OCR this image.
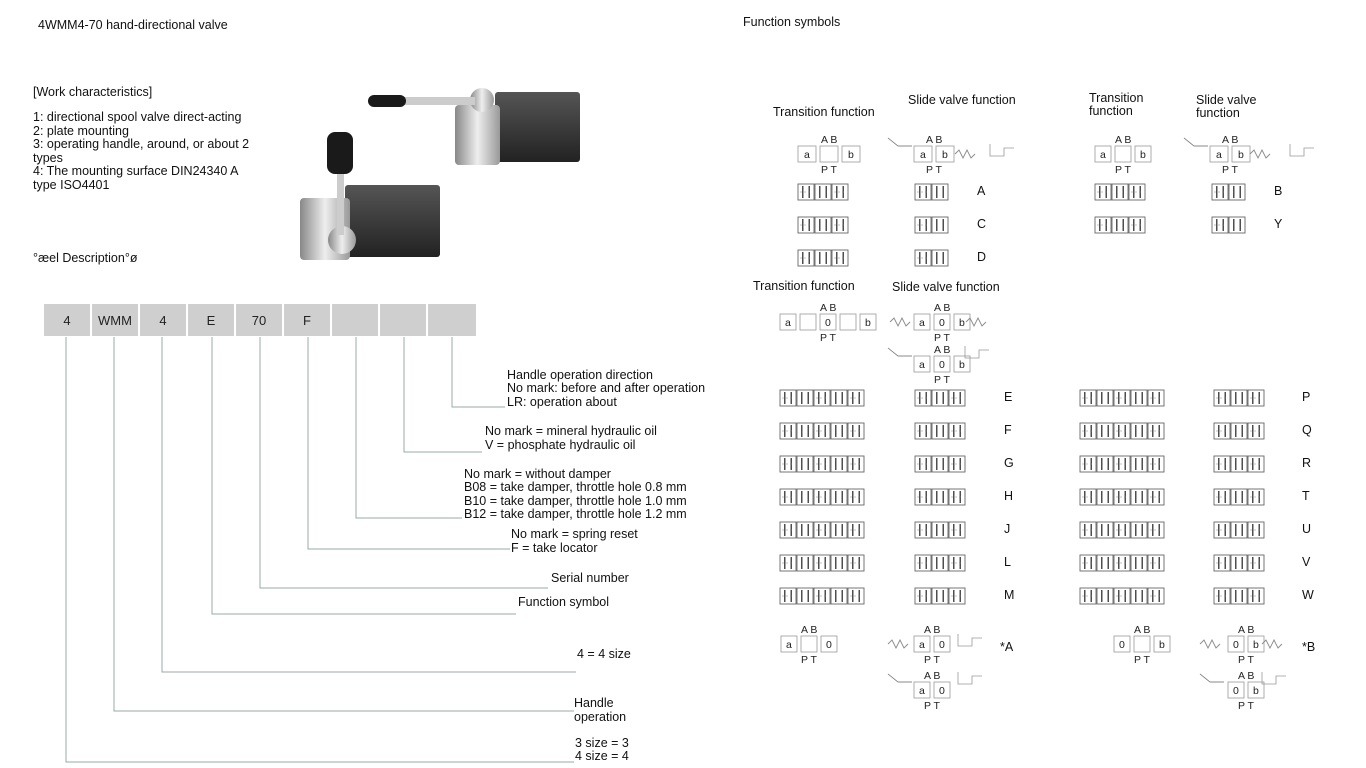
4WMM4-70 hand-directional valve	Function symbols
[Work characteristics]
1: directional spool valve direct-acting
2: plate mounting
3: operating handle, around, or about 2
types
4: The mounting surface DIN24340 A
type ISO4401
°æel Description°ø
4	WMM	4	E	70	F
Handle operation direction
No mark: before and after operation
LR: operation about
No mark = mineral hydraulic oil
V = phosphate hydraulic oil
No mark = without damper
B08 = take damper, throttle hole 0.8 mm
B10 = take damper, throttle hole 1.0 mm
B12 = take damper, throttle hole 1.2 mm
No mark = spring reset
F = take locator
Serial number
Function symbol
4 = 4 size
Handle
operation
3 size = 3
4 size = 4
Transition function
Slide valve function	Transition
function
Slide valve
function
Transition function	Slide valve function
a	b
A B
P T
a b
A B
P T
a	b
A B
P T
a b
A B
P T
a	0	b
A B
P T
a 0 b
A B
P T
a 0 b
A B
P T
a	0
A B
P T
a 0
A B
P T
a 0
A B
P T
0	b
A B
P T
0 b
A B
P T
0 b
A B
P T
A
C
D
B
Y
E	P
F	Q
G	R
H	T
J	U
L	V
M	W
*A	*B
